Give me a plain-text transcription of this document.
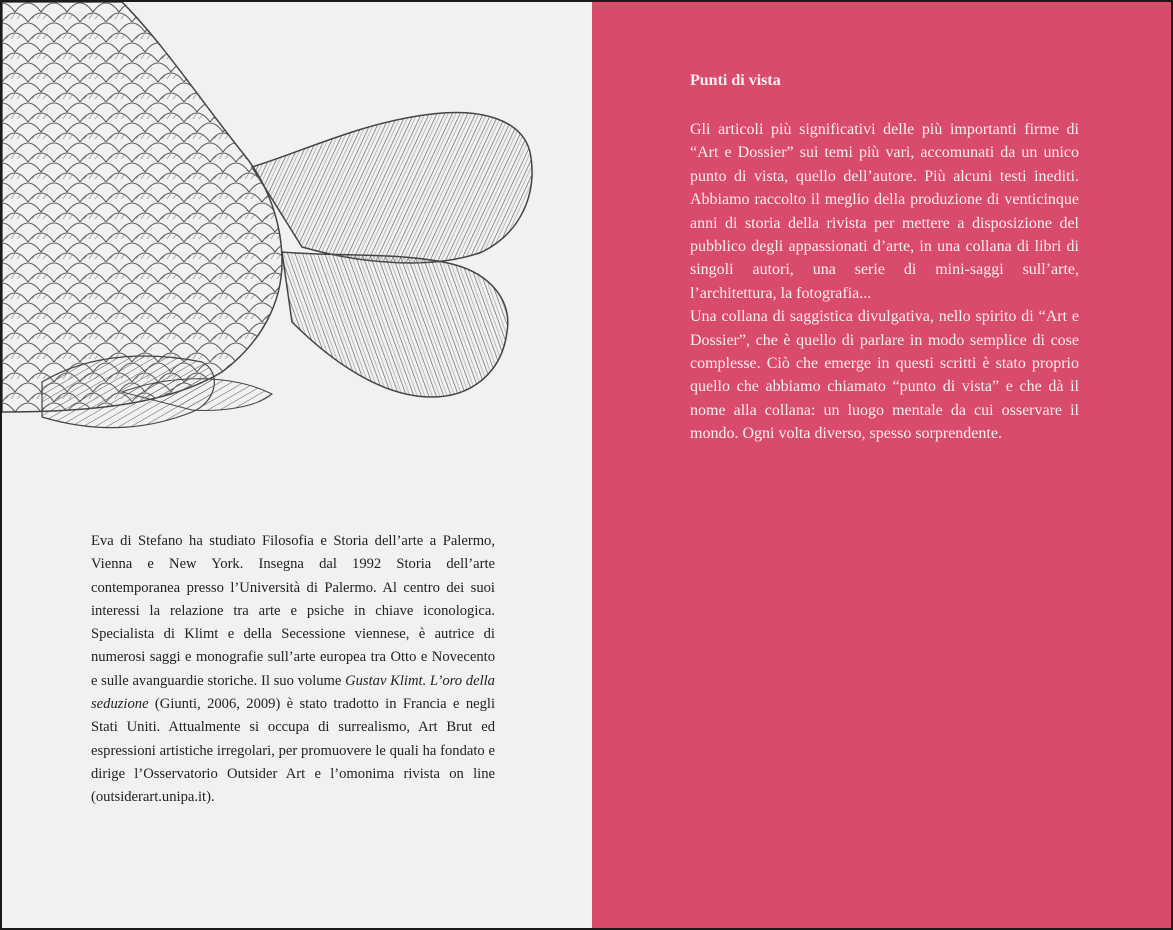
Eva di Stefano ha studiato Filosofia e Storia dell’arte a Palermo, Vienna e New York. Insegna dal 1992 Storia dell’arte contemporanea presso l’Università di Palermo. Al centro dei suoi interessi la relazione tra arte e psiche in chiave iconologica. Specialista di Klimt e della Secessione viennese, è autrice di numerosi saggi e monografie sull’arte europea tra Otto e Novecento e sulle avanguardie storiche. Il suo volume Gustav Klimt. L’oro della seduzione (Giunti, 2006, 2009) è stato tradotto in Francia e negli Stati Uniti. Attualmente si occupa di surrealismo, Art Brut ed espressioni artistiche irregolari, per promuovere le quali ha fondato e dirige l’Osservatorio Outsider Art e l’omonima rivista on line (outsiderart.unipa.it).
Punti di vista

Gli articoli più significativi delle più importanti firme di “Art e Dossier” sui temi più vari, accomunati da un unico punto di vista, quello dell’autore. Più alcuni testi inediti. Abbiamo raccolto il meglio della produzione di venticinque anni di storia della rivista per mettere a disposizione del pubblico degli appassionati d’arte, in una collana di libri di singoli autori, una serie di mini-saggi sull’arte, l’architettura, la fotografia...

Una collana di saggistica divulgativa, nello spirito di “Art e Dossier”, che è quello di parlare in modo semplice di cose complesse. Ciò che emerge in questi scritti è stato proprio quello che abbiamo chiamato “punto di vista” e che dà il nome alla collana: un luogo mentale da cui osservare il mondo. Ogni volta diverso, spesso sorprendente.
